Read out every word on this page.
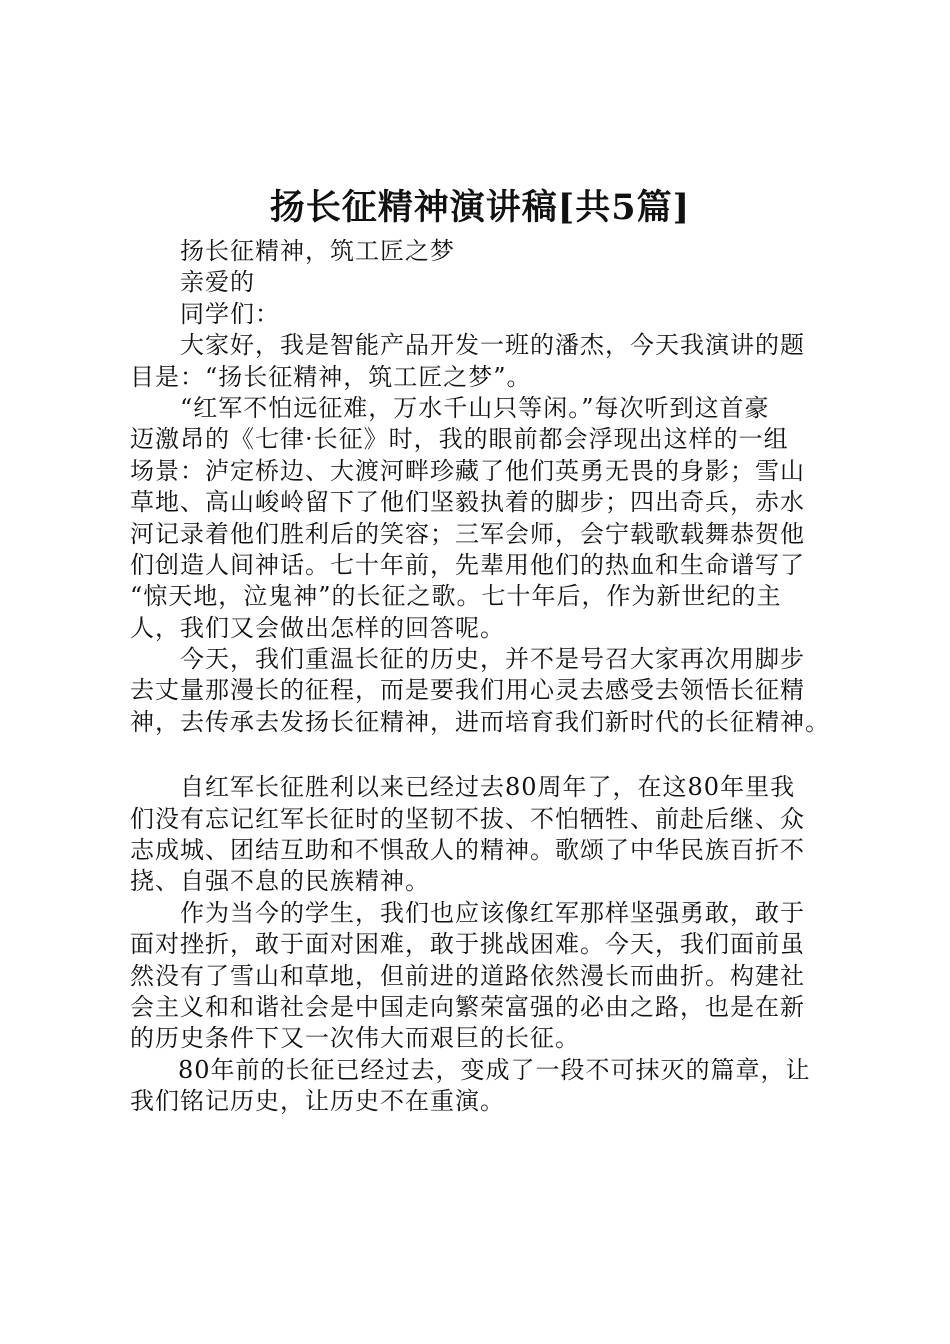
扬长征精神演讲稿[共5篇]
扬长征精神，筑工匠之梦
亲爱的
同学们：
大家好，我是智能产品开发一班的潘杰，今天我演讲的题
目是：“扬长征精神，筑工匠之梦”。
“红军不怕远征难，万水千山只等闲。”每次听到这首豪
迈激昂的《七律·长征》时，我的眼前都会浮现出这样的一组
场景：泸定桥边、大渡河畔珍藏了他们英勇无畏的身影；雪山
草地、高山峻岭留下了他们坚毅执着的脚步；四出奇兵，赤水
河记录着他们胜利后的笑容；三军会师，会宁载歌载舞恭贺他
们创造人间神话。七十年前，先辈用他们的热血和生命谱写了
“惊天地，泣鬼神”的长征之歌。七十年后，作为新世纪的主
人，我们又会做出怎样的回答呢。
今天，我们重温长征的历史，并不是号召大家再次用脚步
去丈量那漫长的征程，而是要我们用心灵去感受去领悟长征精
神，去传承去发扬长征精神，进而培育我们新时代的长征精神。
自红军长征胜利以来已经过去80周年了，在这80年里我
们没有忘记红军长征时的坚韧不拔、不怕牺牲、前赴后继、众
志成城、团结互助和不惧敌人的精神。歌颂了中华民族百折不
挠、自强不息的民族精神。
作为当今的学生，我们也应该像红军那样坚强勇敢，敢于
面对挫折，敢于面对困难，敢于挑战困难。今天，我们面前虽
然没有了雪山和草地，但前进的道路依然漫长而曲折。构建社
会主义和和谐社会是中国走向繁荣富强的必由之路，也是在新
的历史条件下又一次伟大而艰巨的长征。
80年前的长征已经过去，变成了一段不可抹灭的篇章，让
我们铭记历史，让历史不在重演。
